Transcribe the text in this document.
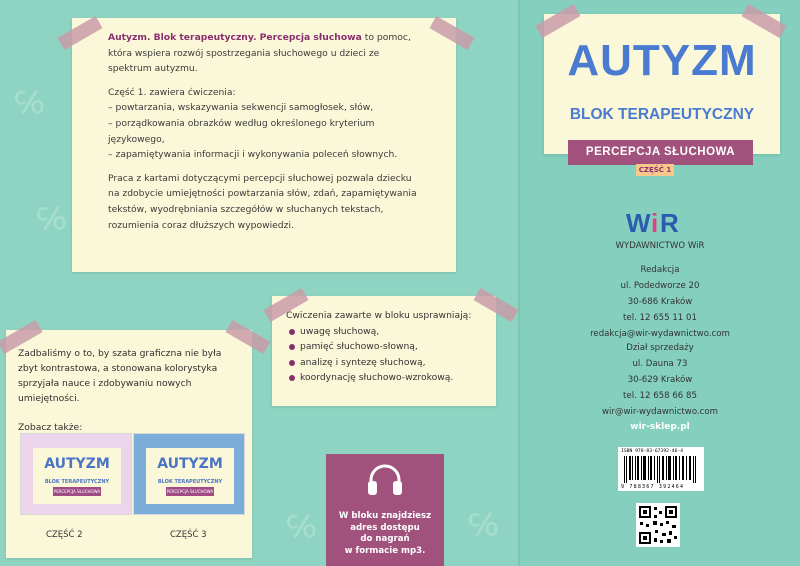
℅
℅
℅	℅

Autyzm. Blok terapeutyczny. Percepcja słuchowa to pomoc, która wspiera rozwój spostrzegania słuchowego u dzieci ze spektrum autyzmu.

Część 1. zawiera ćwiczenia:
– powtarzania, wskazywania sekwencji samogłosek, słów,
– porządkowania obrazków według określonego kryterium językowego,
– zapamiętywania informacji i wykonywania poleceń słownych.

Praca z kartami dotyczącymi percepcji słuchowej pozwala dziecku na zdobycie umiejętności powtarzania słów, zdań, zapamiętywania tekstów, wyodrębniania szczegółów w słuchanych tekstach, rozumienia coraz dłuższych wypowiedzi.

Zadbaliśmy o to, by szata graficzna nie była zbyt kontrastowa, a stonowana kolorystyka sprzyjała nauce i zdobywaniu nowych umiejętności.

Zobacz także:
AUTYZM
BLOK TERAPEUTYCZNY
PERCEPCJA SŁUCHOWA
AUTYZM
BLOK TERAPEUTYCZNY
PERCEPCJA SŁUCHOWA
CZĘŚĆ 2	CZĘŚĆ 3
Ćwiczenia zawarte w bloku usprawniają:
uwagę słuchową,
pamięć słuchowo-słowną,
analizę i syntezę słuchową,
koordynację słuchowo-wzrokową.
W bloku znajdziesz
adres dostępu
do nagrań
w formacie mp3.
AUTYZM
BLOK TERAPEUTYCZNY
PERCEPCJA SŁUCHOWA
CZĘŚĆ 1
W i R
WYDAWNICTWO WiR
Redakcja
ul. Podedworze 20
30-686 Kraków
tel. 12 655 11 01
redakcja@wir-wydawnictwo.com
Dział sprzedaży
ul. Dauna 73
30-629 Kraków
tel. 12 658 66 85
wir@wir-wydawnictwo.com
wir-sklep.pl
ISBN 978-83-67392-46-4
9 788367 392464
